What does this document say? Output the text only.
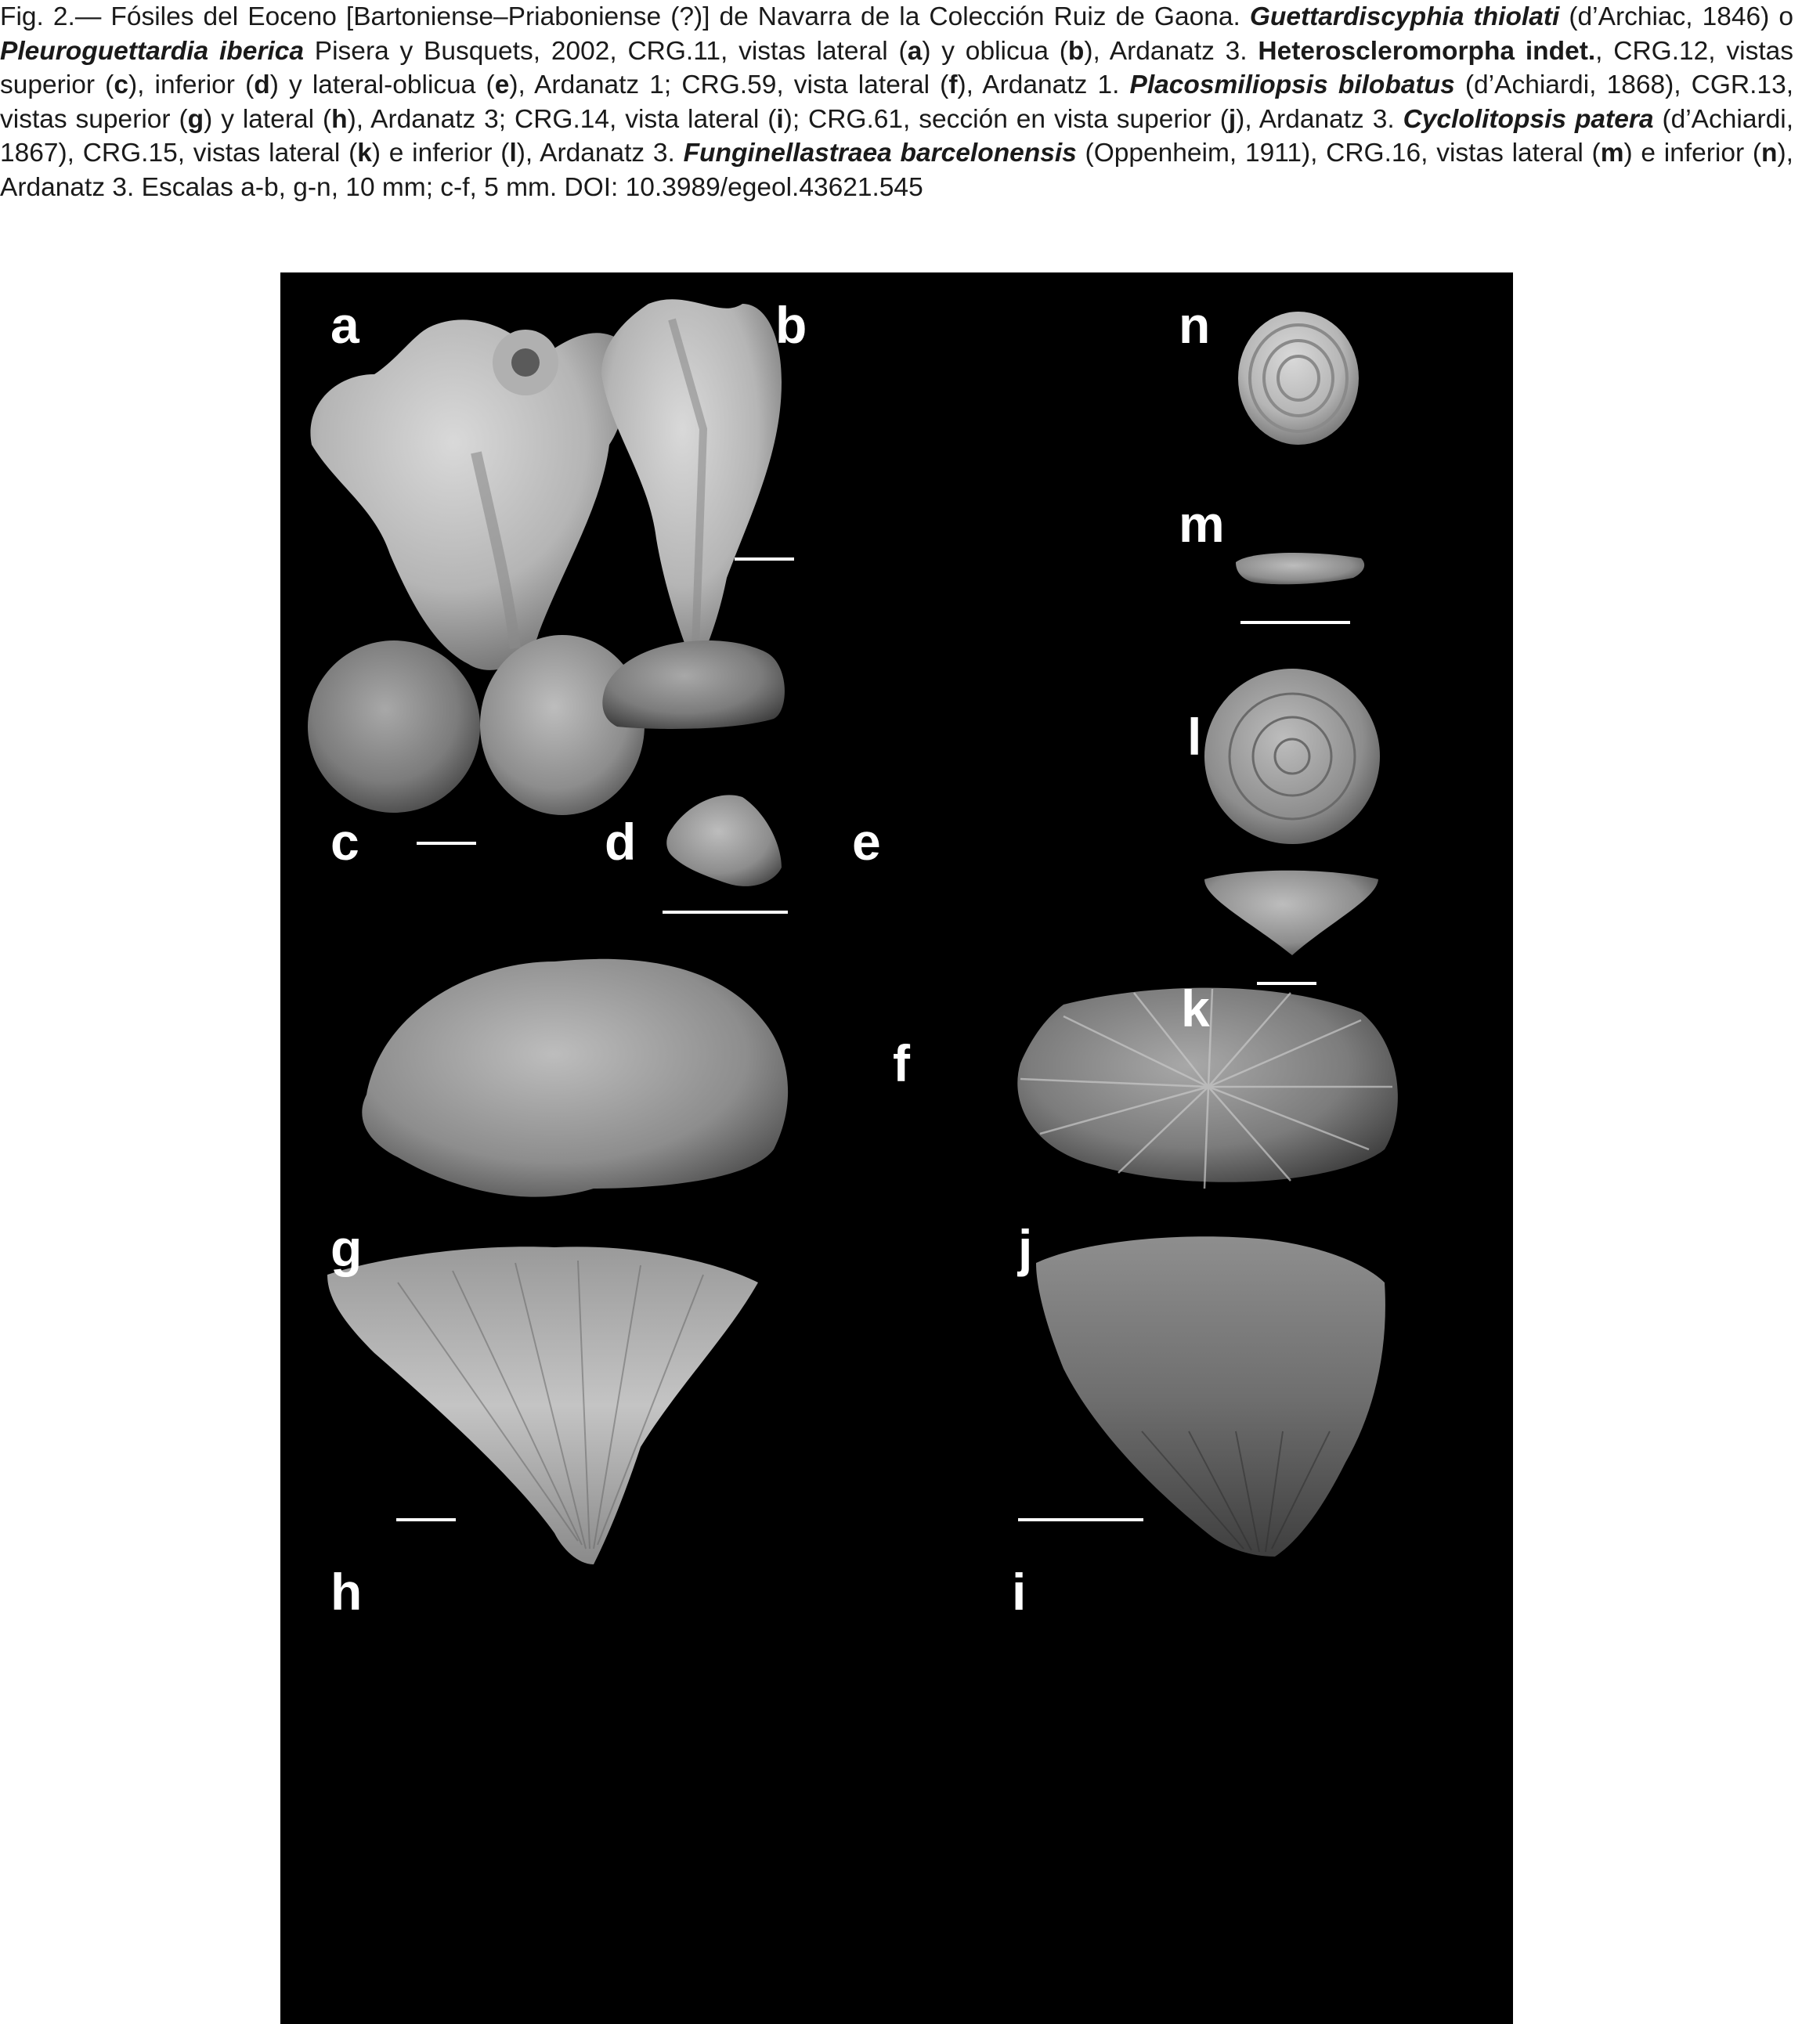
Fig. 2.— Fósiles del Eoceno [Bartoniense–Priaboniense (?)] de Navarra de la Colección Ruiz de Gaona. Guettardiscyphia thiolati (d’Archiac, 1846) o Pleuroguettardia iberica Pisera y Busquets, 2002, CRG.11, vistas lateral (a) y oblicua (b), Ardanatz 3. Heteroscleromorpha indet., CRG.12, vistas superior (c), inferior (d) y lateral-oblicua (e), Ardanatz 1; CRG.59, vista lateral (f), Ardanatz 1. Placosmiliopsis bilobatus (d’Achiardi, 1868), CGR.13, vistas superior (g) y lateral (h), Ardanatz 3; CRG.14, vista lateral (i); CRG.61, sección en vista superior (j), Ardanatz 3. Cyclolitopsis patera (d’Achiardi, 1867), CRG.15, vistas lateral (k) e inferior (l), Ardanatz 3. Funginellastraea barcelonensis (Oppenheim, 1911), CRG.16, vistas lateral (m) e inferior (n), Ardanatz 3. Escalas a-b, g-n, 10 mm; c-f, 5 mm. DOI: 10.3989/egeol.43621.545
a	b	n
m
l
c	d	e
k
f
g	j
h	i
